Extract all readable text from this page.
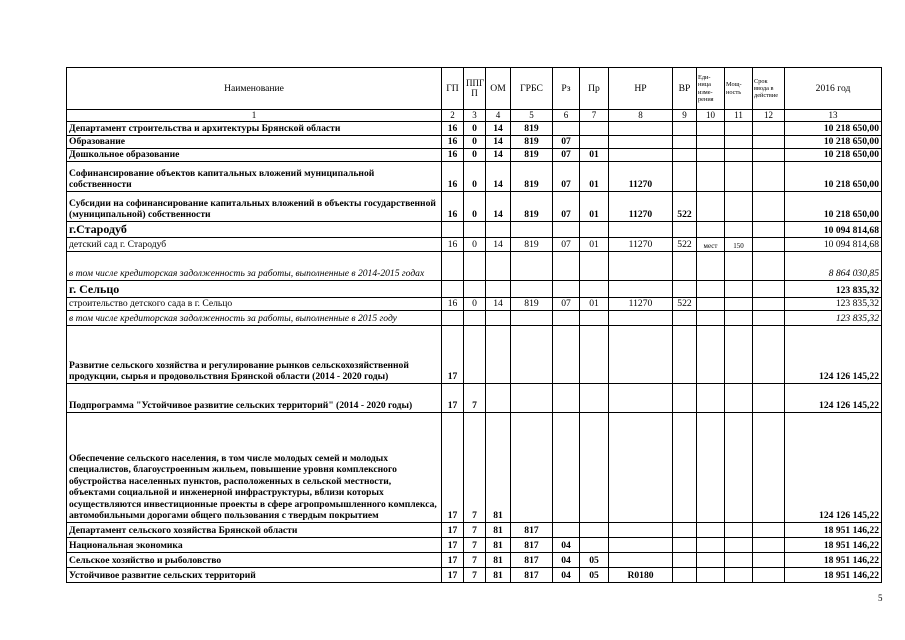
Наименование	ГП	ППГ П	ОМ	ГРБС	Рз	Пр	НР	ВР	Еди- ница изме- рения	Мощ- ность	Срок ввода в действие	2016 год
1	2	3	4	5	6	7	8	9	10	11	12	13
Департамент строительства и архитектуры Брянской области	16	0	14	819								10 218 650,00
Образование	16	0	14	819	07							10 218 650,00
Дошкольное образование	16	0	14	819	07	01						10 218 650,00
Софинансирование объектов капитальных вложений муниципальной собственности	16	0	14	819	07	01	11270					10 218 650,00
Субсидии на софинансирование капитальных вложений в объекты государственной (муниципальной) собственности	16	0	14	819	07	01	11270	522				10 218 650,00
г.Стародуб												10 094 814,68
детский сад г. Стародуб	16	0	14	819	07	01	11270	522	мест	150		10 094 814,68
в том числе кредиторская задолженность за работы, выполненные в 2014-2015 годах												8 864 030,85
г. Сельцо												123 835,32
строительство детского сада в г. Сельцо	16	0	14	819	07	01	11270	522				123 835,32
в том числе кредиторская задолженность за работы, выполненные в 2015 году												123 835,32
Развитие сельского хозяйства и регулирование рынков сельскохозяйственной продукции, сырья и продовольствия Брянской области (2014 - 2020 годы)	17											124 126 145,22
Подпрограмма "Устойчивое развитие сельских территорий" (2014 - 2020 годы)	17	7										124 126 145,22
Обеспечение сельского населения, в том числе молодых семей и молодых специалистов, благоустроенным жильем, повышение уровня комплексного обустройства населенных пунктов, расположенных в сельской местности, объектами социальной и инженерной инфраструктуры, вблизи которых осуществляются инвестиционные проекты в сфере агропромышленного комплекса, автомобильными дорогами общего пользования с твердым покрытием	17	7	81									124 126 145,22
Департамент сельского хозяйства Брянской области	17	7	81	817								18 951 146,22
Национальная экономика	17	7	81	817	04							18 951 146,22
Сельское хозяйство и рыболовство	17	7	81	817	04	05						18 951 146,22
Устойчивое развитие сельских территорий	17	7	81	817	04	05	R0180					18 951 146,22
5
